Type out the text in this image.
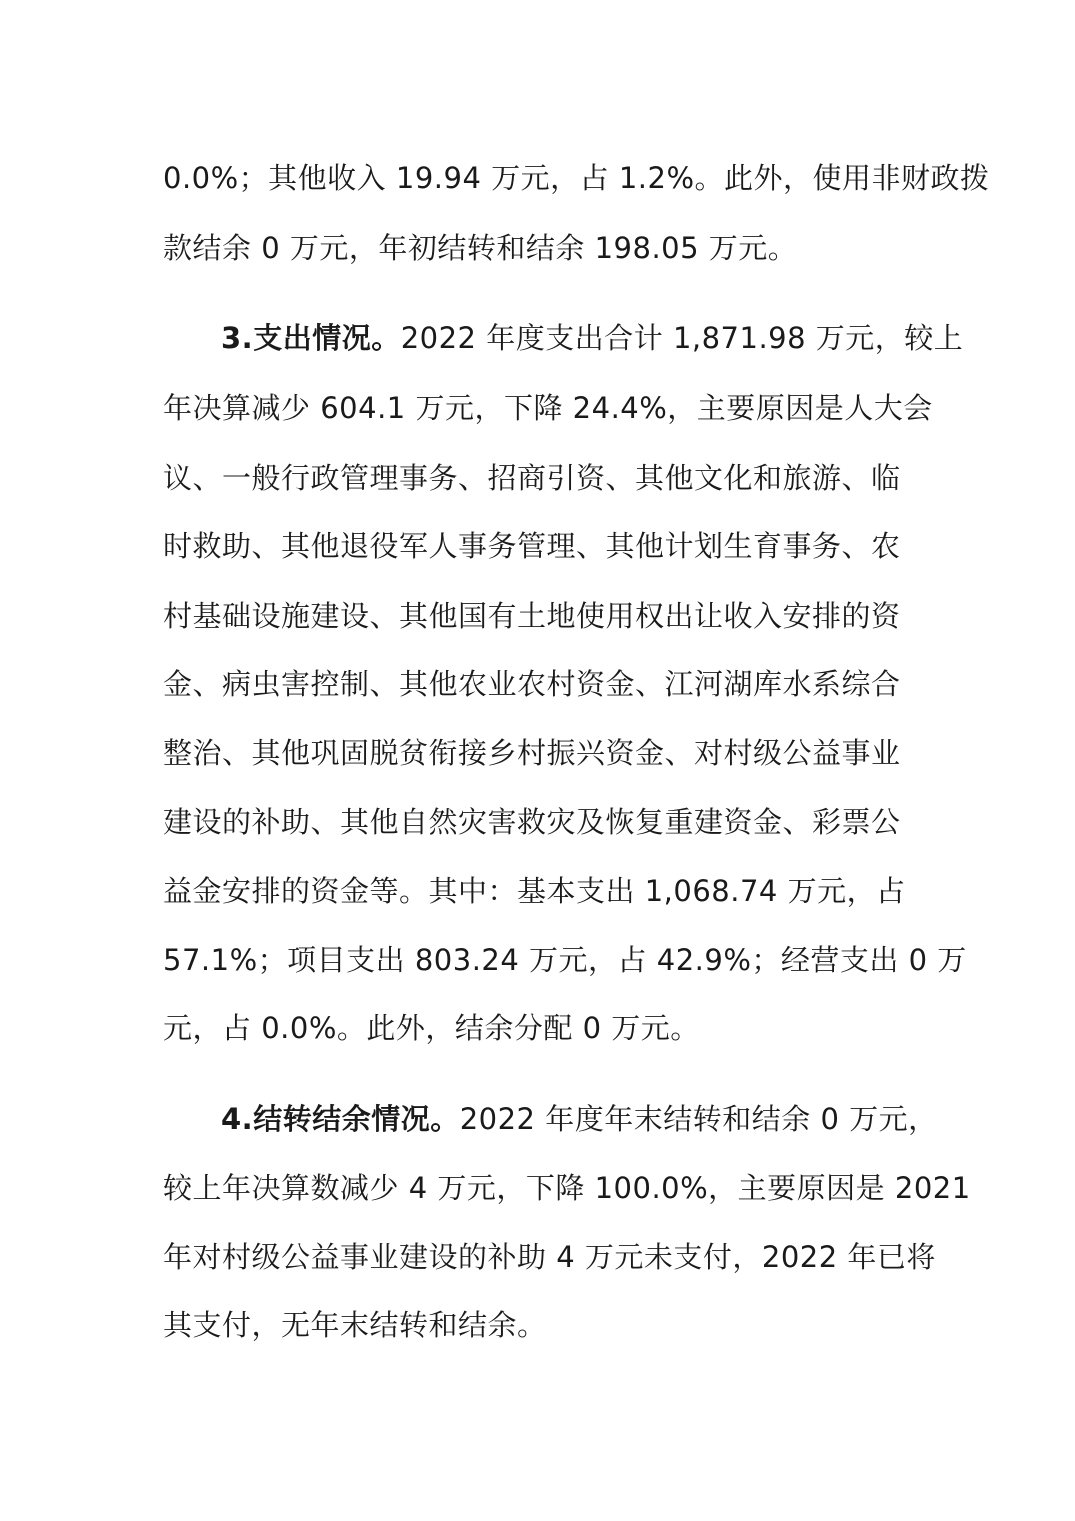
0.0%；其他收入 19.94 万元，占 1.2%。此外，使用非财政拨
款结余 0 万元，年初结转和结余 198.05 万元。
3.支出情况。2022 年度支出合计 1,871.98 万元，较上
年决算减少 604.1 万元，下降 24.4%，主要原因是人大会
议、一般行政管理事务、招商引资、其他文化和旅游、临
时救助、其他退役军人事务管理、其他计划生育事务、农
村基础设施建设、其他国有土地使用权出让收入安排的资
金、病虫害控制、其他农业农村资金、江河湖库水系综合
整治、其他巩固脱贫衔接乡村振兴资金、对村级公益事业
建设的补助、其他自然灾害救灾及恢复重建资金、彩票公
益金安排的资金等。其中：基本支出 1,068.74 万元，占
57.1%；项目支出 803.24 万元，占 42.9%；经营支出 0 万
元，占 0.0%。此外，结余分配 0 万元。
4.结转结余情况。2022 年度年末结转和结余 0 万元，
较上年决算数减少 4 万元，下降 100.0%，主要原因是 2021
年对村级公益事业建设的补助 4 万元未支付，2022 年已将
其支付，无年末结转和结余。
